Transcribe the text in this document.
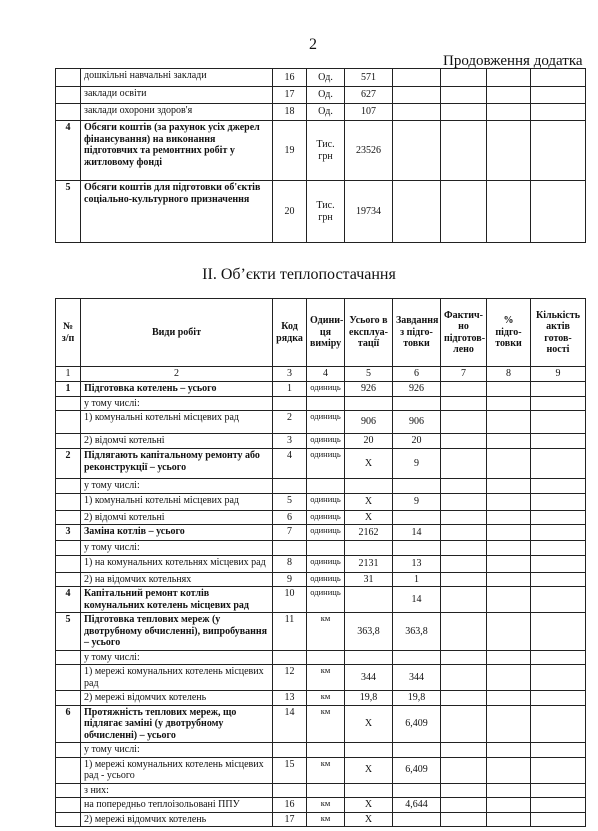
2
Продовження додатка
	дошкільні навчальні заклади	16	Од.	571				
	заклади освіти	17	Од.	627				
	заклади охорони здоров'я	18	Од.	107				
4	Обсяги коштів (за рахунок усіх джерел фінансування) на виконання підготовчих та ремонтних робіт у житловому фонді	19	Тис. грн	23526				
5	Обсяги коштів для підготовки об'єктів соціально-культурного призначення	20	Тис. грн	19734				
ІІ. Об’єкти теплопостачання
№ з/п	Види робіт	Код рядка	Одини-ця виміру	Усього в експлуа-тації	Завдання з підго-товки	Фактич-но підготов-лено	% підго-товки	Кількість актів готов-ності
1	2	3	4	5	6	7	8	9
1	Підготовка котелень – усього	1	одиниць	926	926			
	у тому числі:							
	1) комунальні котельні місцевих рад	2	одиниць	906	906			
	2) відомчі котельні	3	одиниць	20	20			
2	Підлягають капітальному ремонту або реконструкції – усього	4	одиниць	Х	9			
	у тому числі:							
	1) комунальні котельні місцевих рад	5	одиниць	Х	9			
	2) відомчі котельні	6	одиниць	Х				
3	Заміна котлів – усього	7	одиниць	2162	14			
	у тому числі:							
	1) на комунальних котельнях місцевих рад	8	одиниць	2131	13			
	2) на відомчих котельнях	9	одиниць	31	1			
4	Капітальний ремонт котлів комунальних котелень місцевих рад	10	одиниць		14			
5	Підготовка теплових мереж (у двотрубному обчисленні), випробування – усього	11	км	363,8	363,8			
	у тому числі:							
	1) мережі комунальних котелень місцевих рад	12	км	344	344			
	2) мережі відомчих котелень	13	км	19,8	19,8			
6	Протяжність теплових мереж, що підлягає заміні (у двотрубному обчисленні) – усього	14	км	Х	6,409			
	у тому числі:							
	1) мережі комунальних котелень місцевих рад - усього	15	км	Х	6,409			
	з них:							
	на попередньо теплоізольовані ППУ	16	км	Х	4,644			
	2) мережі відомчих котелень	17	км	Х				
